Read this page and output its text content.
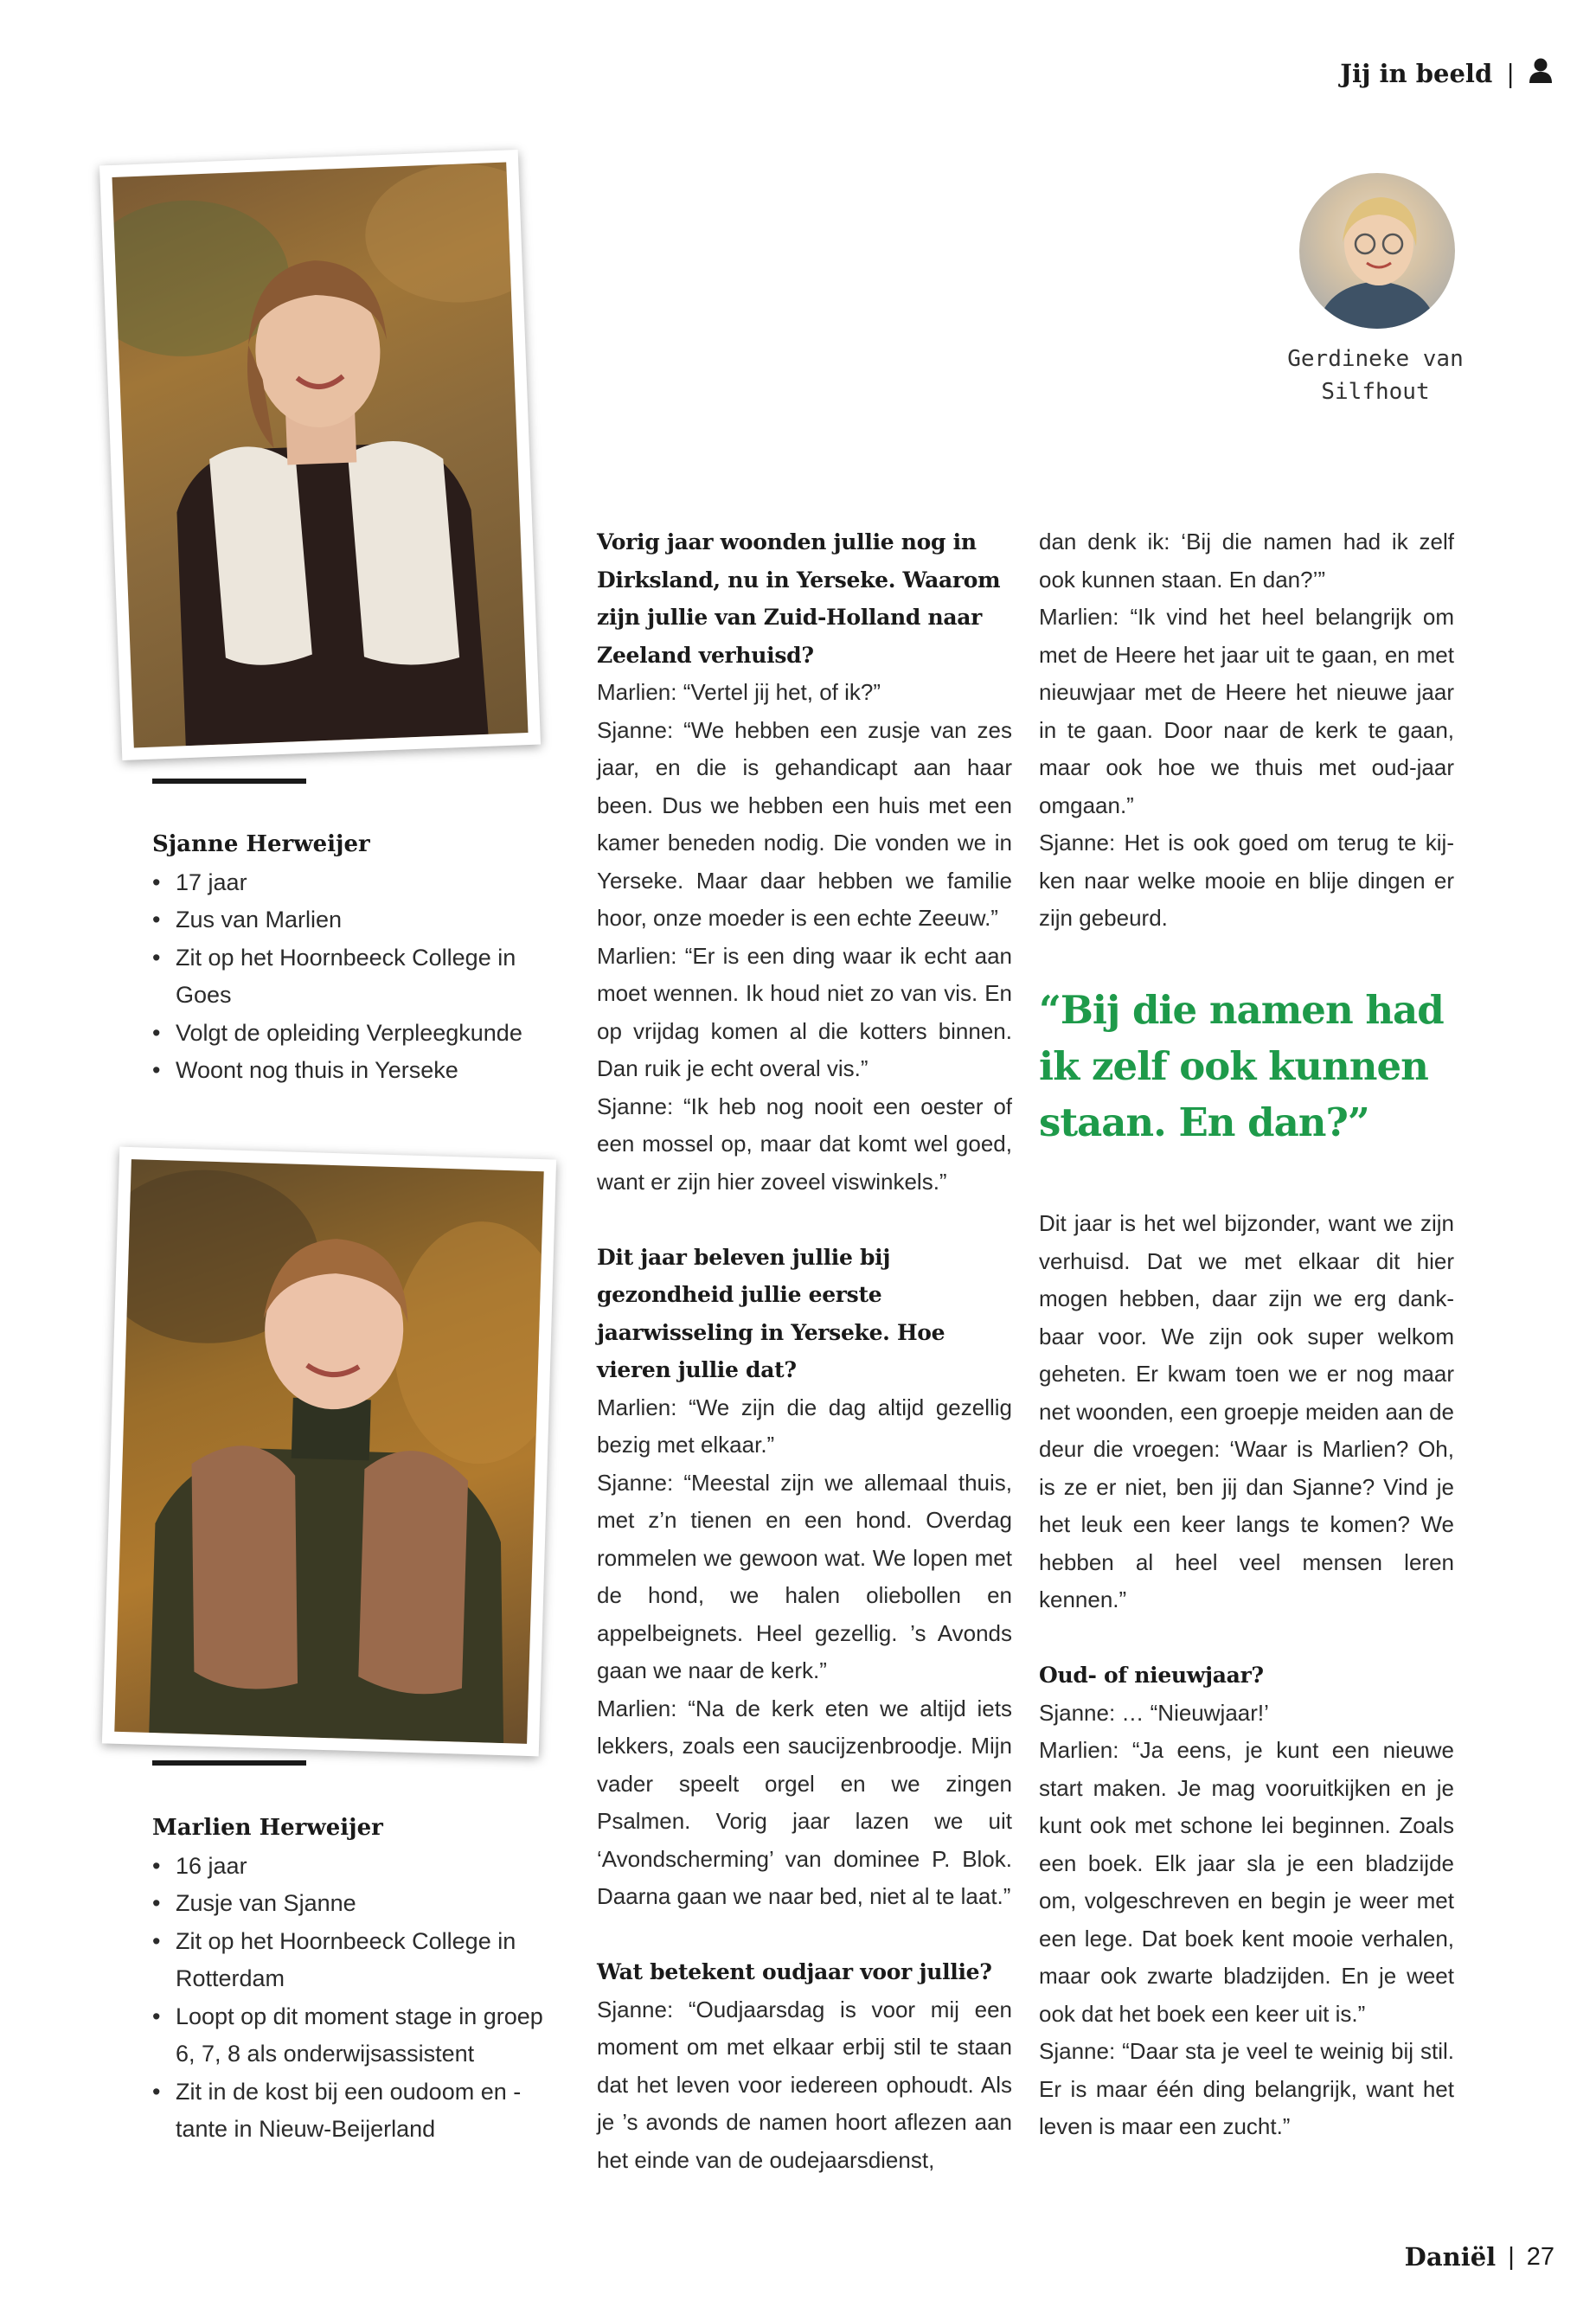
Jij in beeld |
Sjanne Herweijer
• 17 jaar
• Zus van Marlien
• Zit op het Hoornbeeck College in Goes
• Volgt de opleiding Verpleegkunde
• Woont nog thuis in Yerseke
Marlien Herweijer
• 16 jaar
• Zusje van Sjanne
• Zit op het Hoornbeeck College in Rotterdam
• Loopt op dit moment stage in groep 6, 7, 8 als onderwijsassistent
• Zit in de kost bij een oudoom en -tante in Nieuw-Beijerland
Gerdineke van Silfhout

Vorig jaar woonden jullie nog in Dirksland, nu in Yerseke. Waarom zijn jullie van Zuid-Holland naar Zeeland verhuisd?

Marlien: “Vertel jij het, of ik?”

Sjanne: “We hebben een zusje van zes jaar, en die is gehandicapt aan haar been. Dus we hebben een huis met een kamer beneden nodig. Die vonden we in Yerseke. Maar daar hebben we familie hoor, onze moeder is een echte Zeeuw.”

Marlien: “Er is een ding waar ik echt aan moet wennen. Ik houd niet zo van vis. En op vrijdag komen al die kotters binnen. Dan ruik je echt overal vis.”

Sjanne: “Ik heb nog nooit een oester of een mossel op, maar dat komt wel goed, want er zijn hier zoveel viswinkels.”

Dit jaar beleven jullie bij gezondheid jullie eerste jaarwisseling in Yerseke. Hoe vieren jullie dat?

Marlien: “We zijn die dag altijd gezellig bezig met elkaar.”

Sjanne: “Meestal zijn we allemaal thuis, met z’n tienen en een hond. Overdag rommelen we gewoon wat. We lopen met de hond, we halen oliebollen en appelbeignets. Heel gezellig. ’s Avonds gaan we naar de kerk.”

Marlien: “Na de kerk eten we altijd iets lekkers, zoals een saucijzenbroodje. Mijn vader speelt orgel en we zingen Psalmen. Vorig jaar lazen we uit ‘Avondscherming’ van dominee P. Blok. Daarna gaan we naar bed, niet al te laat.”

Wat betekent oudjaar voor jullie?

Sjanne: “Oudjaarsdag is voor mij een moment om met elkaar erbij stil te staan dat het leven voor iedereen ophoudt. Als je ’s avonds de namen hoort aflezen aan het einde van de oudejaarsdienst,

dan denk ik: ‘Bij die namen had ik zelf ook kunnen staan. En dan?’”

Marlien: “Ik vind het heel belangrijk om met de Heere het jaar uit te gaan, en met nieuwjaar met de Heere het nieuwe jaar in te gaan. Door naar de kerk te gaan, maar ook hoe we thuis met oud-jaar omgaan.”

Sjanne: Het is ook goed om terug te kij-ken naar welke mooie en blije dingen er zijn gebeurd.

“Bij die namen had ik zelf ook kunnen staan. En dan?”

Dit jaar is het wel bijzonder, want we zijn verhuisd. Dat we met elkaar dit hier mogen hebben, daar zijn we erg dank-baar voor. We zijn ook super welkom geheten. Er kwam toen we er nog maar net woonden, een groepje meiden aan de deur die vroegen: ‘Waar is Marlien? Oh, is ze er niet, ben jij dan Sjanne? Vind je het leuk een keer langs te komen? We hebben al heel veel mensen leren kennen.”

Oud- of nieuwjaar?

Sjanne: … “Nieuwjaar!’

Marlien: “Ja eens, je kunt een nieuwe start maken. Je mag vooruitkijken en je kunt ook met schone lei beginnen. Zoals een boek. Elk jaar sla je een bladzijde om, volgeschreven en begin je weer met een lege. Dat boek kent mooie verhalen, maar ook zwarte bladzijden. En je weet ook dat het boek een keer uit is.”

Sjanne: “Daar sta je veel te weinig bij stil. Er is maar één ding belangrijk, want het leven is maar een zucht.”

Daniël | 27
